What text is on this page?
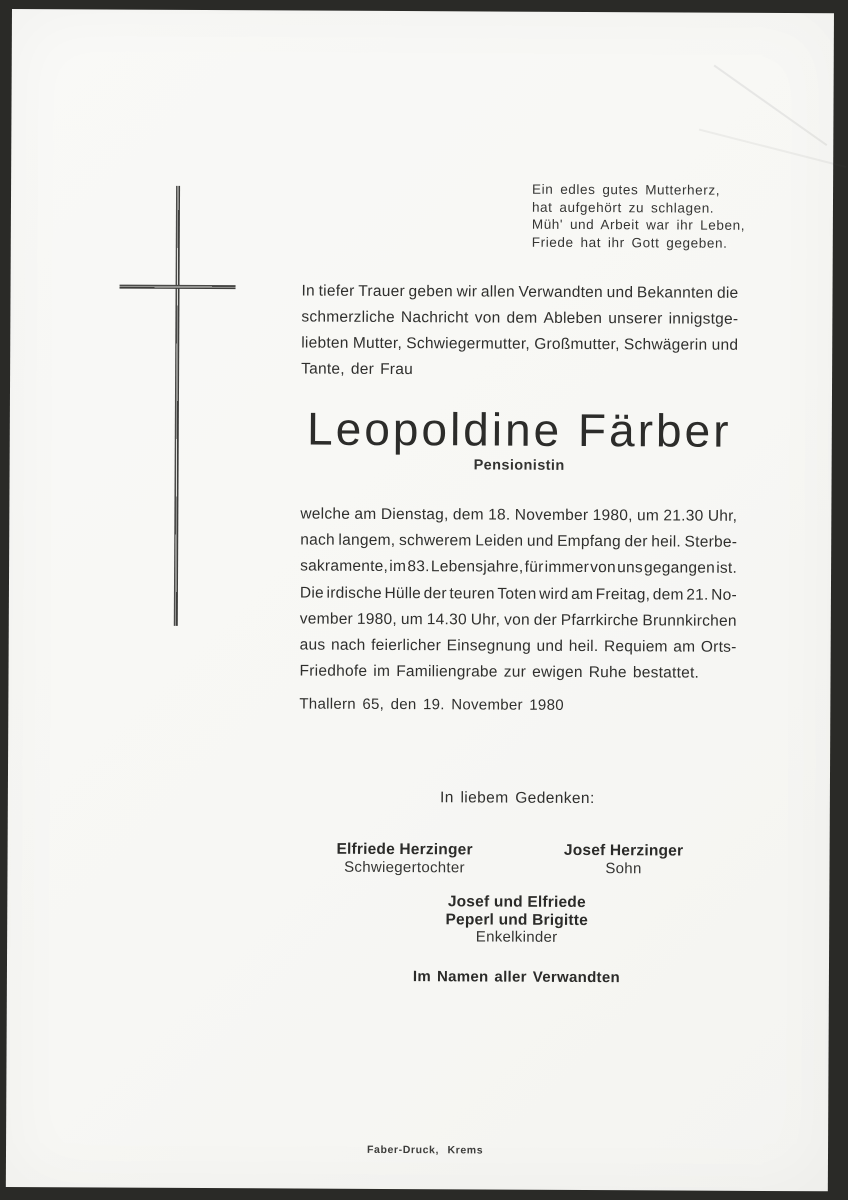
Ein edles gutes Mutterherz,
hat aufgehört zu schlagen.
Müh' und Arbeit war ihr Leben,
Friede hat ihr Gott gegeben.
In tiefer Trauer geben wir allen Verwandten und Bekannten die
schmerzliche Nachricht von dem Ableben unserer innigstge-
liebten Mutter, Schwiegermutter, Großmutter, Schwägerin und
Tante, der Frau
Leopoldine Färber
Pensionistin
welche am Dienstag, dem 18. November 1980, um 21.30 Uhr,
nach langem, schwerem Leiden und Empfang der heil. Sterbe-
sakramente, im 83. Lebensjahre, für immer von uns gegangen ist.
Die irdische Hülle der teuren Toten wird am Freitag, dem 21. No-
vember 1980, um 14.30 Uhr, von der Pfarrkirche Brunnkirchen
aus nach feierlicher Einsegnung und heil. Requiem am Orts-
Friedhofe im Familiengrabe zur ewigen Ruhe bestattet.
Thallern 65, den 19. November 1980
In liebem Gedenken:
Elfriede Herzinger
Schwiegertochter
Josef Herzinger
Sohn
Josef und Elfriede
Peperl und Brigitte
Enkelkinder
Im Namen aller Verwandten
Faber-Druck, Krems
